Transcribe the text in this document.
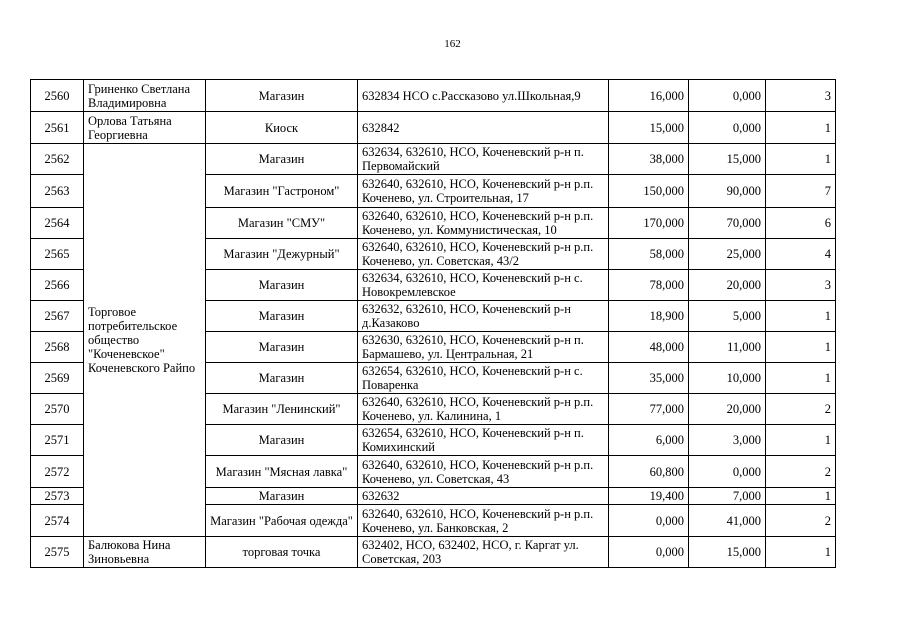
162
2560	Гриненко Светлана Владимировна	Магазин	632834 НСО с.Рассказово ул.Школьная,9	16,000	0,000	3
2561	Орлова Татьяна Георгиевна	Киоск	632842	15,000	0,000	1
2562	Торговое потребительское общество "Коченевское" Коченевского Райпо	Магазин	632634, 632610, НСО, Коченевский р-н п. Первомайский	38,000	15,000	1
2563		Магазин "Гастроном"	632640, 632610, НСО, Коченевский р-н р.п. Коченево, ул. Строительная, 17	150,000	90,000	7
2564		Магазин "СМУ"	632640, 632610, НСО, Коченевский р-н р.п. Коченево, ул. Коммунистическая, 10	170,000	70,000	6
2565		Магазин "Дежурный"	632640, 632610, НСО, Коченевский р-н р.п. Коченево, ул. Советская, 43/2	58,000	25,000	4
2566		Магазин	632634, 632610, НСО, Коченевский р-н с. Новокремлевское	78,000	20,000	3
2567		Магазин	632632, 632610, НСО, Коченевский р-н д.Казаково	18,900	5,000	1
2568		Магазин	632630, 632610, НСО, Коченевский р-н п. Бармашево, ул. Центральная, 21	48,000	11,000	1
2569		Магазин	632654, 632610, НСО, Коченевский р-н с. Поваренка	35,000	10,000	1
2570		Магазин "Ленинский"	632640, 632610, НСО, Коченевский р-н р.п. Коченево, ул. Калинина, 1	77,000	20,000	2
2571		Магазин	632654, 632610, НСО, Коченевский р-н п. Комихинский	6,000	3,000	1
2572		Магазин "Мясная лавка"	632640, 632610, НСО, Коченевский р-н р.п. Коченево, ул. Советская, 43	60,800	0,000	2
2573		Магазин	632632	19,400	7,000	1
2574		Магазин "Рабочая одежда"	632640, 632610, НСО, Коченевский р-н р.п. Коченево, ул. Банковская, 2	0,000	41,000	2
2575	Балюкова Нина Зиновьевна	торговая точка	632402, НСО, 632402, НСО, г. Каргат ул. Советская, 203	0,000	15,000	1
